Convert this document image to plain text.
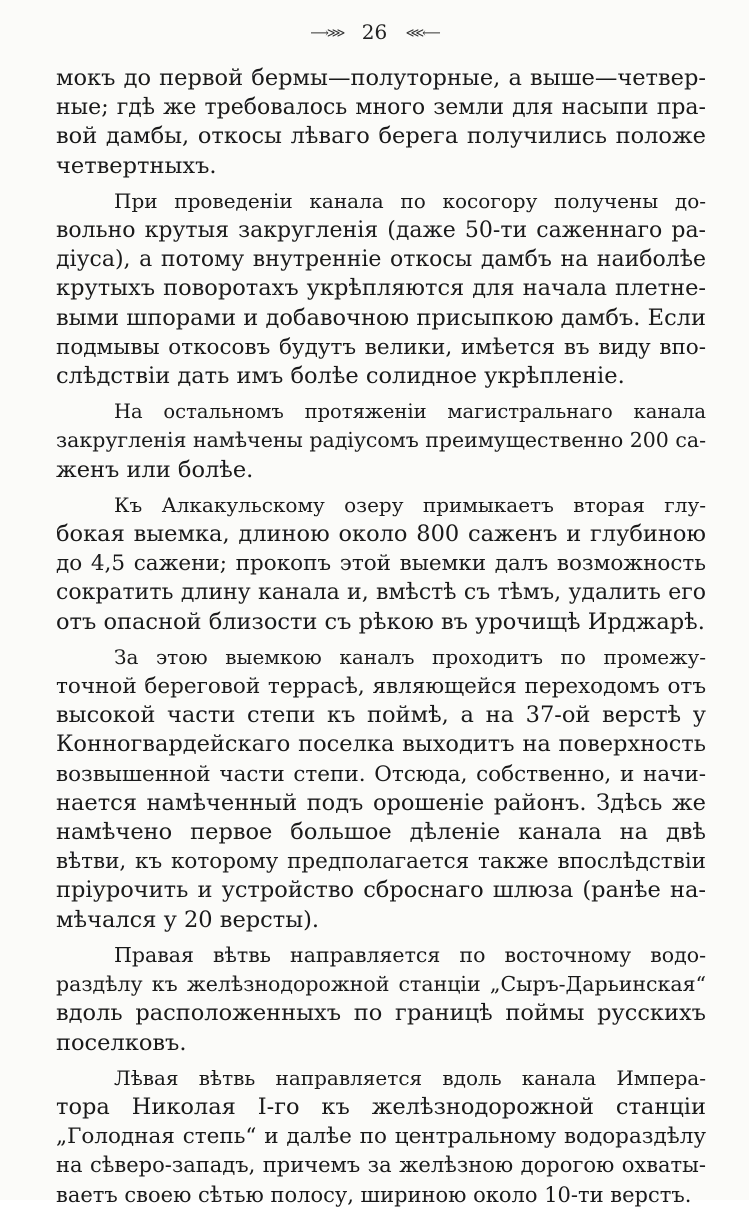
⟶⋙ 26 ⋘⟵
мокъ до первой бермы—полуторные, а выше—четвер-
ные; гдѣ же требовалось много земли для насыпи пра-
вой дамбы, откосы лѣваго берега получились положе
четвертныхъ.
При проведеніи канала по косогору получены до-
вольно крутыя закругленія (даже 50-ти саженнаго ра-
діуса), а потому внутренніе откосы дамбъ на наиболѣе
крутыхъ поворотахъ укрѣпляются для начала плетне-
выми шпорами и добавочною присыпкою дамбъ. Если
подмывы откосовъ будутъ велики, имѣется въ виду впо-
слѣдствіи дать имъ болѣе солидное укрѣпленіе.
На остальномъ протяженіи магистральнаго канала
закругленія намѣчены радіусомъ преимущественно 200 са-
женъ или болѣе.
Къ Алкакульскому озеру примыкаетъ вторая глу-
бокая выемка, длиною около 800 саженъ и глубиною
до 4,5 сажени; прокопъ этой выемки далъ возможность
сократить длину канала и, вмѣстѣ съ тѣмъ, удалить его
отъ опасной близости съ рѣкою въ урочищѣ Ирджарѣ.
За этою выемкою каналъ проходитъ по промежу-
точной береговой террасѣ, являющейся переходомъ отъ
высокой части степи къ поймѣ, а на 37-ой верстѣ у
Конногвардейскаго поселка выходитъ на поверхность
возвышенной части степи. Отсюда, собственно, и начи-
нается намѣченный подъ орошеніе районъ. Здѣсь же
намѣчено первое большое дѣленіе канала на двѣ
вѣтви, къ которому предполагается также впослѣдствіи
пріурочить и устройство сброснаго шлюза (ранѣе на-
мѣчался у 20 версты).
Правая вѣтвь направляется по восточному водо-
раздѣлу къ желѣзнодорожной станціи „Сыръ-Дарьинская“
вдоль расположенныхъ по границѣ поймы русскихъ
поселковъ.
Лѣвая вѣтвь направляется вдоль канала Импера-
тора Николая I-го къ желѣзнодорожной станціи
„Голодная степь“ и далѣе по центральному водораздѣлу
на сѣверо-западъ, причемъ за желѣзною дорогою охваты-
ваетъ своею сѣтью полосу, шириною около 10-ти верстъ.
